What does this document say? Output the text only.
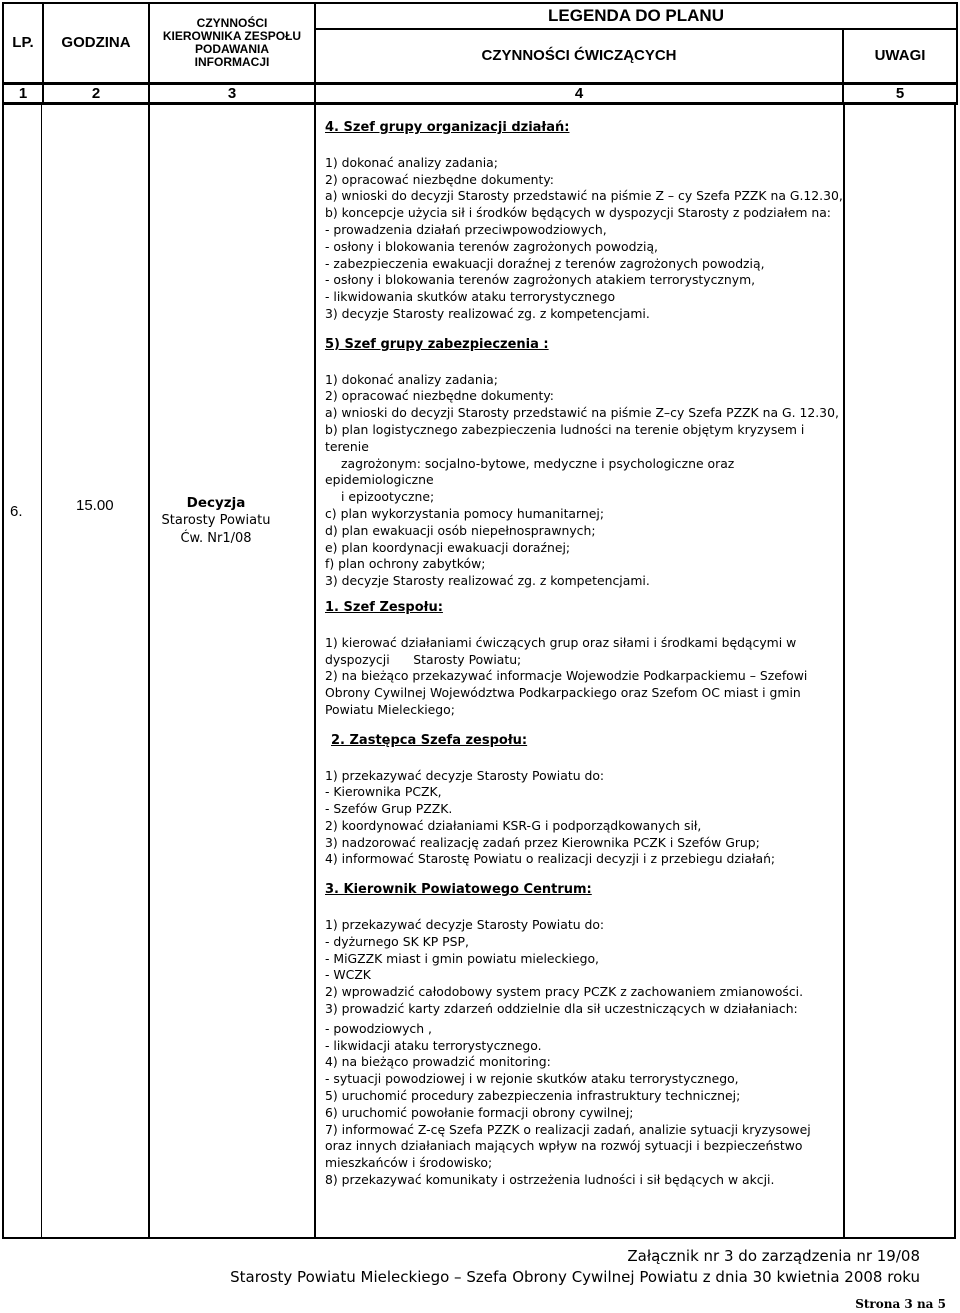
LP.	GODZINA	CZYNNOŚCI
KIEROWNIKA ZESPOŁU
PODAWANIA
INFORMACJI	LEGENDA DO PLANU	
			CZYNNOŚCI ĆWICZĄCYCH	UWAGI
1	2	3	4	5
6.	15.00	Decyzja
Starosty Powiatu
Ćw. Nr1/08
4. Szef grupy organizacji działań:
1) dokonać analizy zadania;
2) opracować niezbędne dokumenty:
a) wnioski do decyzji Starosty przedstawić na piśmie Z – cy Szefa PZZK na G.12.30,
b) koncepcje użycia sił i środków będących w dyspozycji Starosty z podziałem na:
- prowadzenia działań przeciwpowodziowych,
- osłony i blokowania terenów zagrożonych powodzią,
- zabezpieczenia ewakuacji doraźnej z terenów zagrożonych powodzią,
- osłony i blokowania terenów zagrożonych atakiem terrorystycznym,
- likwidowania skutków ataku terrorystycznego
3) decyzje Starosty realizować zg. z kompetencjami.
5) Szef grupy zabezpieczenia :
1) dokonać analizy zadania;
2) opracować niezbędne dokumenty:
a) wnioski do decyzji Starosty przedstawić na piśmie Z–cy Szefa PZZK na G. 12.30,
b) plan logistycznego zabezpieczenia ludności na terenie objętym kryzysem i
terenie
zagrożonym: socjalno-bytowe, medyczne i psychologiczne oraz
epidemiologiczne
i epizootyczne;
c) plan wykorzystania pomocy humanitarnej;
d) plan ewakuacji osób niepełnosprawnych;
e) plan koordynacji ewakuacji doraźnej;
f) plan ochrony zabytków;
3) decyzje Starosty realizować zg. z kompetencjami.
1. Szef Zespołu:
1) kierować działaniami ćwiczących grup oraz siłami i środkami będącymi w
dyspozycji      Starosty Powiatu;
2) na bieżąco przekazywać informacje Wojewodzie Podkarpackiemu – Szefowi
Obrony Cywilnej Województwa Podkarpackiego oraz Szefom OC miast i gmin
Powiatu Mieleckiego;
2. Zastępca Szefa zespołu:
1) przekazywać decyzje Starosty Powiatu do:
- Kierownika PCZK,
- Szefów Grup PZZK.
2) koordynować działaniami KSR-G i podporządkowanych sił,
3) nadzorować realizację zadań przez Kierownika PCZK i Szefów Grup;
4) informować Starostę Powiatu o realizacji decyzji i z przebiegu działań;
3. Kierownik Powiatowego Centrum:
1) przekazywać decyzje Starosty Powiatu do:
- dyżurnego SK KP PSP,
- MiGZZK miast i gmin powiatu mieleckiego,
- WCZK
2) wprowadzić całodobowy system pracy PCZK z zachowaniem zmianowości.
3) prowadzić karty zdarzeń oddzielnie dla sił uczestniczących w działaniach:
- powodziowych ,
- likwidacji ataku terrorystycznego.
4) na bieżąco prowadzić monitoring:
- sytuacji powodziowej i w rejonie skutków ataku terrorystycznego,
5) uruchomić procedury zabezpieczenia infrastruktury technicznej;
6) uruchomić powołanie formacji obrony cywilnej;
7) informować Z-cę Szefa PZZK o realizacji zadań, analizie sytuacji kryzysowej
oraz innych działaniach mających wpływ na rozwój sytuacji i bezpieczeństwo
mieszkańców i środowisko;
8) przekazywać komunikaty i ostrzeżenia ludności i sił będących w akcji.
Załącznik nr 3 do zarządzenia nr 19/08
Starosty Powiatu Mieleckiego – Szefa Obrony Cywilnej Powiatu z dnia 30 kwietnia 2008 roku
Strona 3 na 5
